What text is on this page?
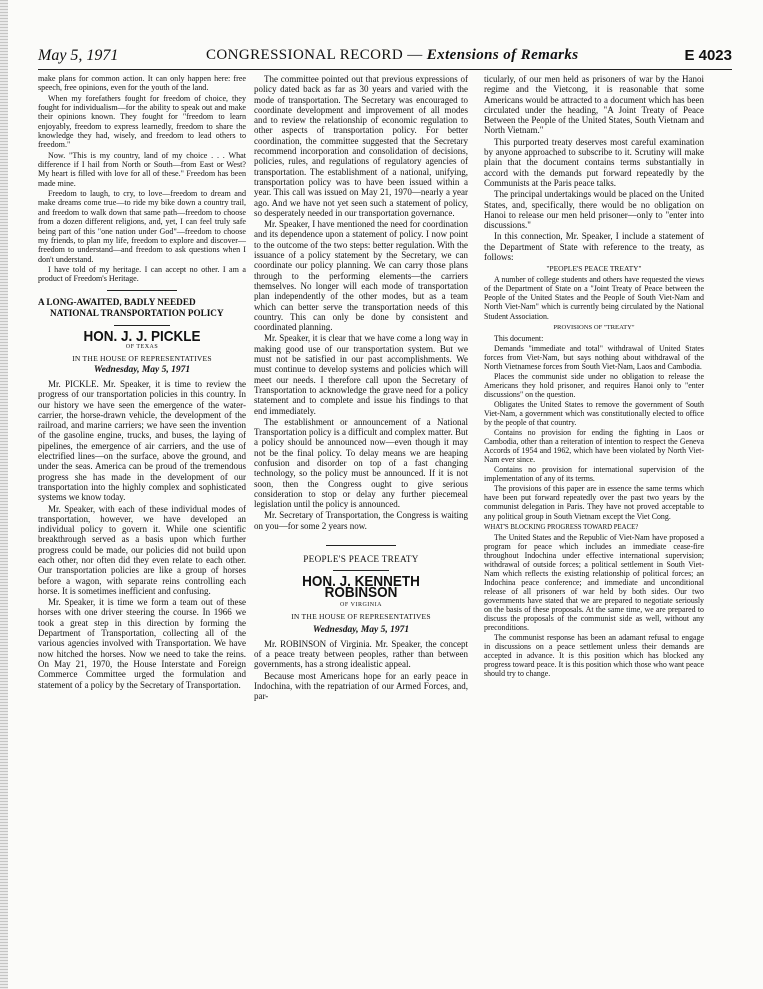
May 5, 1971	CONGRESSIONAL RECORD — Extensions of Remarks	E 4023

make plans for common action. It can only happen here: free speech, free opinions, even for the youth of the land.

When my forefathers fought for freedom of choice, they fought for individualism—for the ability to speak out and make their opinions known. They fought for "freedom to learn enjoyably, freedom to express learnedly, freedom to share the knowledge they had, wisely, and freedom to lead others to freedom."

Now. "This is my country, land of my choice . . . What difference if I hail from North or South—from East or West? My heart is filled with love for all of these." Freedom has been made mine.

Freedom to laugh, to cry, to love—freedom to dream and make dreams come true—to ride my bike down a country trail, and freedom to walk down that same path—freedom to choose from a dozen different religions, and, yet, I can feel truly safe being part of this "one nation under God"—freedom to choose my friends, to plan my life, freedom to explore and discover—freedom to understand—and freedom to ask questions when I don't understand.

I have told of my heritage. I can accept no other. I am a product of Freedom's Heritage.

A LONG-AWAITED, BADLY NEEDED NATIONAL TRANSPORTATION POLICY
HON. J. J. PICKLE
OF TEXAS
IN THE HOUSE OF REPRESENTATIVES
Wednesday, May 5, 1971

Mr. PICKLE. Mr. Speaker, it is time to review the progress of our transportation policies in this country. In our history we have seen the emergence of the water-carrier, the horse-drawn vehicle, the development of the railroad, and marine carriers; we have seen the invention of the gasoline engine, trucks, and buses, the laying of pipelines, the emergence of air carriers, and the use of electrified lines—on the surface, above the ground, and under the seas. America can be proud of the tremendous progress she has made in the development of our transportation into the highly complex and sophisticated systems we know today.

Mr. Speaker, with each of these individual modes of transportation, however, we have developed an individual policy to govern it. While one scientific breakthrough served as a basis upon which further progress could be made, our policies did not build upon each other, nor often did they even relate to each other. Our transportation policies are like a group of horses before a wagon, with separate reins controlling each horse. It is sometimes inefficient and confusing.

Mr. Speaker, it is time we form a team out of these horses with one driver steering the course. In 1966 we took a great step in this direction by forming the Department of Transportation, collecting all of the various agencies involved with Transportation. We have now hitched the horses. Now we need to take the reins. On May 21, 1970, the House Interstate and Foreign Commerce Committee urged the formulation and statement of a policy by the Secretary of Transportation.

The committee pointed out that previous expressions of policy dated back as far as 30 years and varied with the mode of transportation. The Secretary was encouraged to coordinate development and improvement of all modes and to review the relationship of economic regulation to other aspects of transportation policy. For better coordination, the committee suggested that the Secretary recommend incorporation and consolidation of decisions, policies, rules, and regulations of regulatory agencies of transportation. The establishment of a national, unifying, transportation policy was to have been issued within a year. This call was issued on May 21, 1970—nearly a year ago. And we have not yet seen such a statement of policy, so desperately needed in our transportation governance.

Mr. Speaker, I have mentioned the need for coordination and its dependence upon a statement of policy. I now point to the outcome of the two steps: better regulation. With the issuance of a policy statement by the Secretary, we can coordinate our policy planning. We can carry those plans through to the performing elements—the carriers themselves. No longer will each mode of transportation plan independently of the other modes, but as a team which can better serve the transportation needs of this country. This can only be done by consistent and coordinated planning.

Mr. Speaker, it is clear that we have come a long way in making good use of our transportation system. But we must not be satisfied in our past accomplishments. We must continue to develop systems and policies which will meet our needs. I therefore call upon the Secretary of Transportation to acknowledge the grave need for a policy statement and to complete and issue his findings to that end immediately.

The establishment or announcement of a National Transportation policy is a difficult and complex matter. But a policy should be announced now—even though it may not be the final policy. To delay means we are heaping confusion and disorder on top of a fast changing technology, so the policy must be announced. If it is not soon, then the Congress ought to give serious consideration to stop or delay any further piecemeal legislation until the policy is announced.

Mr. Secretary of Transportation, the Congress is waiting on you—for some 2 years now.

PEOPLE'S PEACE TREATY
HON. J. KENNETH ROBINSON
OF VIRGINIA
IN THE HOUSE OF REPRESENTATIVES
Wednesday, May 5, 1971

Mr. ROBINSON of Virginia. Mr. Speaker, the concept of a peace treaty between peoples, rather than between governments, has a strong idealistic appeal.

Because most Americans hope for an early peace in Indochina, with the repatriation of our Armed Forces, and, par-

ticularly, of our men held as prisoners of war by the Hanoi regime and the Vietcong, it is reasonable that some Americans would be attracted to a document which has been circulated under the heading, "A Joint Treaty of Peace Between the People of the United States, South Vietnam and North Vietnam."

This purported treaty deserves most careful examination by anyone approached to subscribe to it. Scrutiny will make plain that the document contains terms substantially in accord with the demands put forward repeatedly by the Communists at the Paris peace talks.

The principal undertakings would be placed on the United States, and, specifically, there would be no obligation on Hanoi to release our men held prisoner—only to "enter into discussions."

In this connection, Mr. Speaker, I include a statement of the Department of State with reference to the treaty, as follows:

"PEOPLE'S PEACE TREATY"

A number of college students and others have requested the views of the Department of State on a "Joint Treaty of Peace between the People of the United States and the People of South Viet-Nam and North Viet-Nam" which is currently being circulated by the National Student Association.

PROVISIONS OF "TREATY"

This document:

Demands "immediate and total" withdrawal of United States forces from Viet-Nam, but says nothing about withdrawal of the North Vietnamese forces from South Viet-Nam, Laos and Cambodia.

Places the communist side under no obligation to release the Americans they hold prisoner, and requires Hanoi only to "enter discussions" on the question.

Obligates the United States to remove the government of South Viet-Nam, a government which was constitutionally elected to office by the people of that country.

Contains no provision for ending the fighting in Laos or Cambodia, other than a reiteration of intention to respect the Geneva Accords of 1954 and 1962, which have been violated by North Viet-Nam ever since.

Contains no provision for international supervision of the implementation of any of its terms.

The provisions of this paper are in essence the same terms which have been put forward repeatedly over the past two years by the communist delegation in Paris. They have not proved acceptable to any political group in South Vietnam except the Viet Cong.

WHAT'S BLOCKING PROGRESS TOWARD PEACE?

The United States and the Republic of Viet-Nam have proposed a program for peace which includes an immediate cease-fire throughout Indochina under effective international supervision; withdrawal of outside forces; a political settlement in South Viet-Nam which reflects the existing relationship of political forces; an Indochina peace conference; and immediate and unconditional release of all prisoners of war held by both sides. Our two governments have stated that we are prepared to negotiate seriously on the basis of these proposals. At the same time, we are prepared to discuss the proposals of the communist side as well, without any preconditions.

The communist response has been an adamant refusal to engage in discussions on a peace settlement unless their demands are accepted in advance. It is this position which has blocked any progress toward peace. It is this position which those who want peace should try to change.
